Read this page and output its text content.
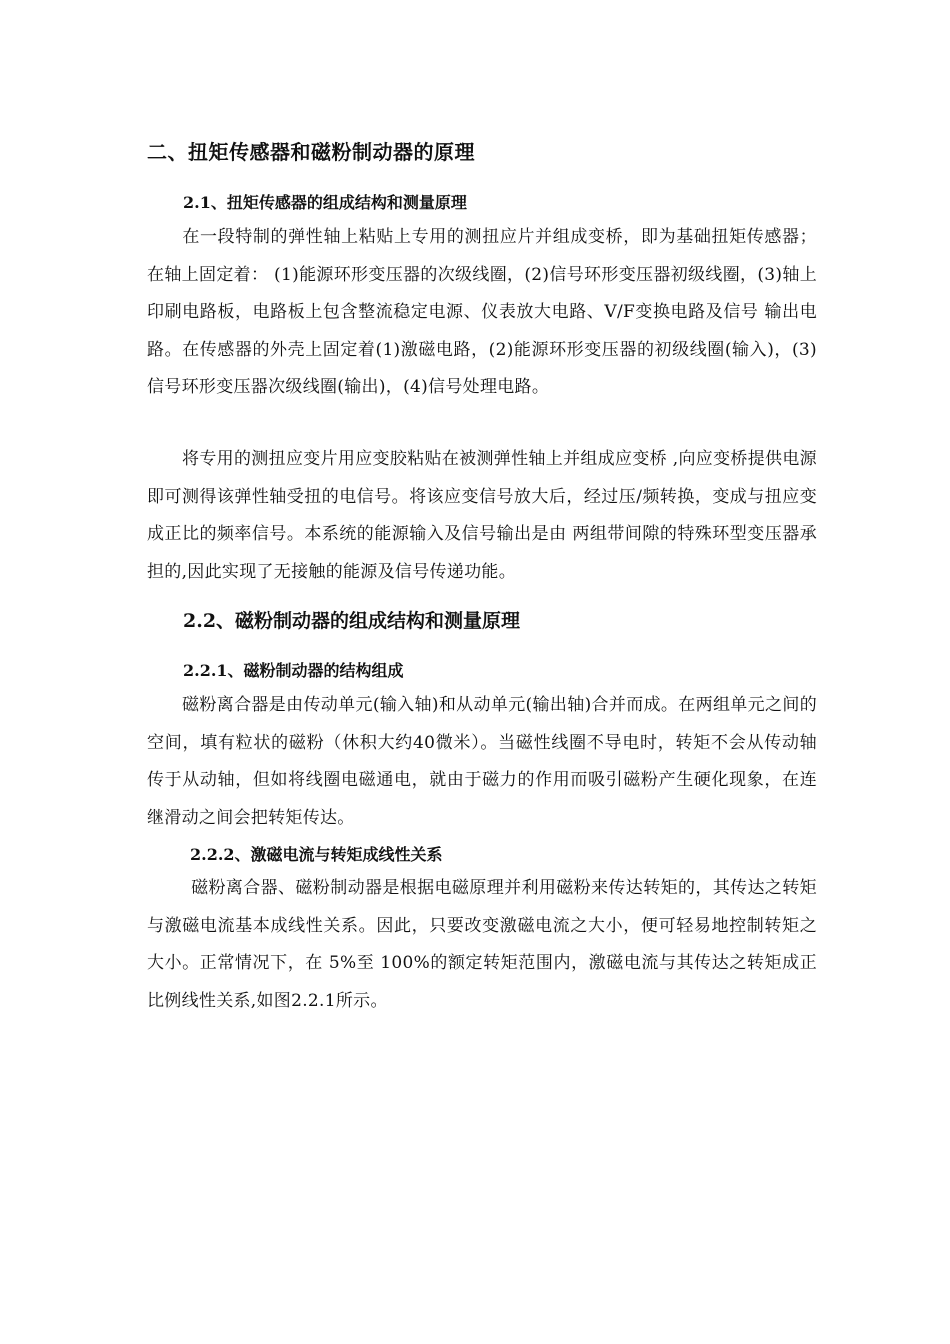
二、扭矩传感器和磁粉制动器的原理
2.1、扭矩传感器的组成结构和测量原理
在一段特制的弹性轴上粘贴上专用的测扭应片并组成变桥，即为基础扭矩传感器；在轴上固定着： (1)能源环形变压器的次级线圈，(2)信号环形变压器初级线圈，(3)轴上印刷电路板，电路板上包含整流稳定电源、仪表放大电路、V/F变换电路及信号 输出电路。在传感器的外壳上固定着(1)激磁电路，(2)能源环形变压器的初级线圈(输入)，(3) 信号环形变压器次级线圈(输出)，(4)信号处理电路。
将专用的测扭应变片用应变胶粘贴在被测弹性轴上并组成应变桥 ,向应变桥提供电源即可测得该弹性轴受扭的电信号。将该应变信号放大后，经过压/频转换，变成与扭应变成正比的频率信号。本系统的能源输入及信号输出是由 两组带间隙的特殊环型变压器承担的,因此实现了无接触的能源及信号传递功能。
2.2、磁粉制动器的组成结构和测量原理
2.2.1、磁粉制动器的结构组成
磁粉离合器是由传动单元(输入轴)和从动单元(输出轴)合并而成。在两组单元之间的空间，填有粒状的磁粉（休积大约40微米）。当磁性线圈不导电时，转矩不会从传动轴传于从动轴，但如将线圈电磁通电，就由于磁力的作用而吸引磁粉产生硬化现象，在连继滑动之间会把转矩传达。
2.2.2、激磁电流与转矩成线性关系
磁粉离合器、磁粉制动器是根据电磁原理并利用磁粉来传达转矩的，其传达之转矩与激磁电流基本成线性关系。因此，只要改变激磁电流之大小，便可轻易地控制转矩之大小。正常情况下，在 5%至 100%的额定转矩范围内，激磁电流与其传达之转矩成正比例线性关系,如图2.2.1所示。
